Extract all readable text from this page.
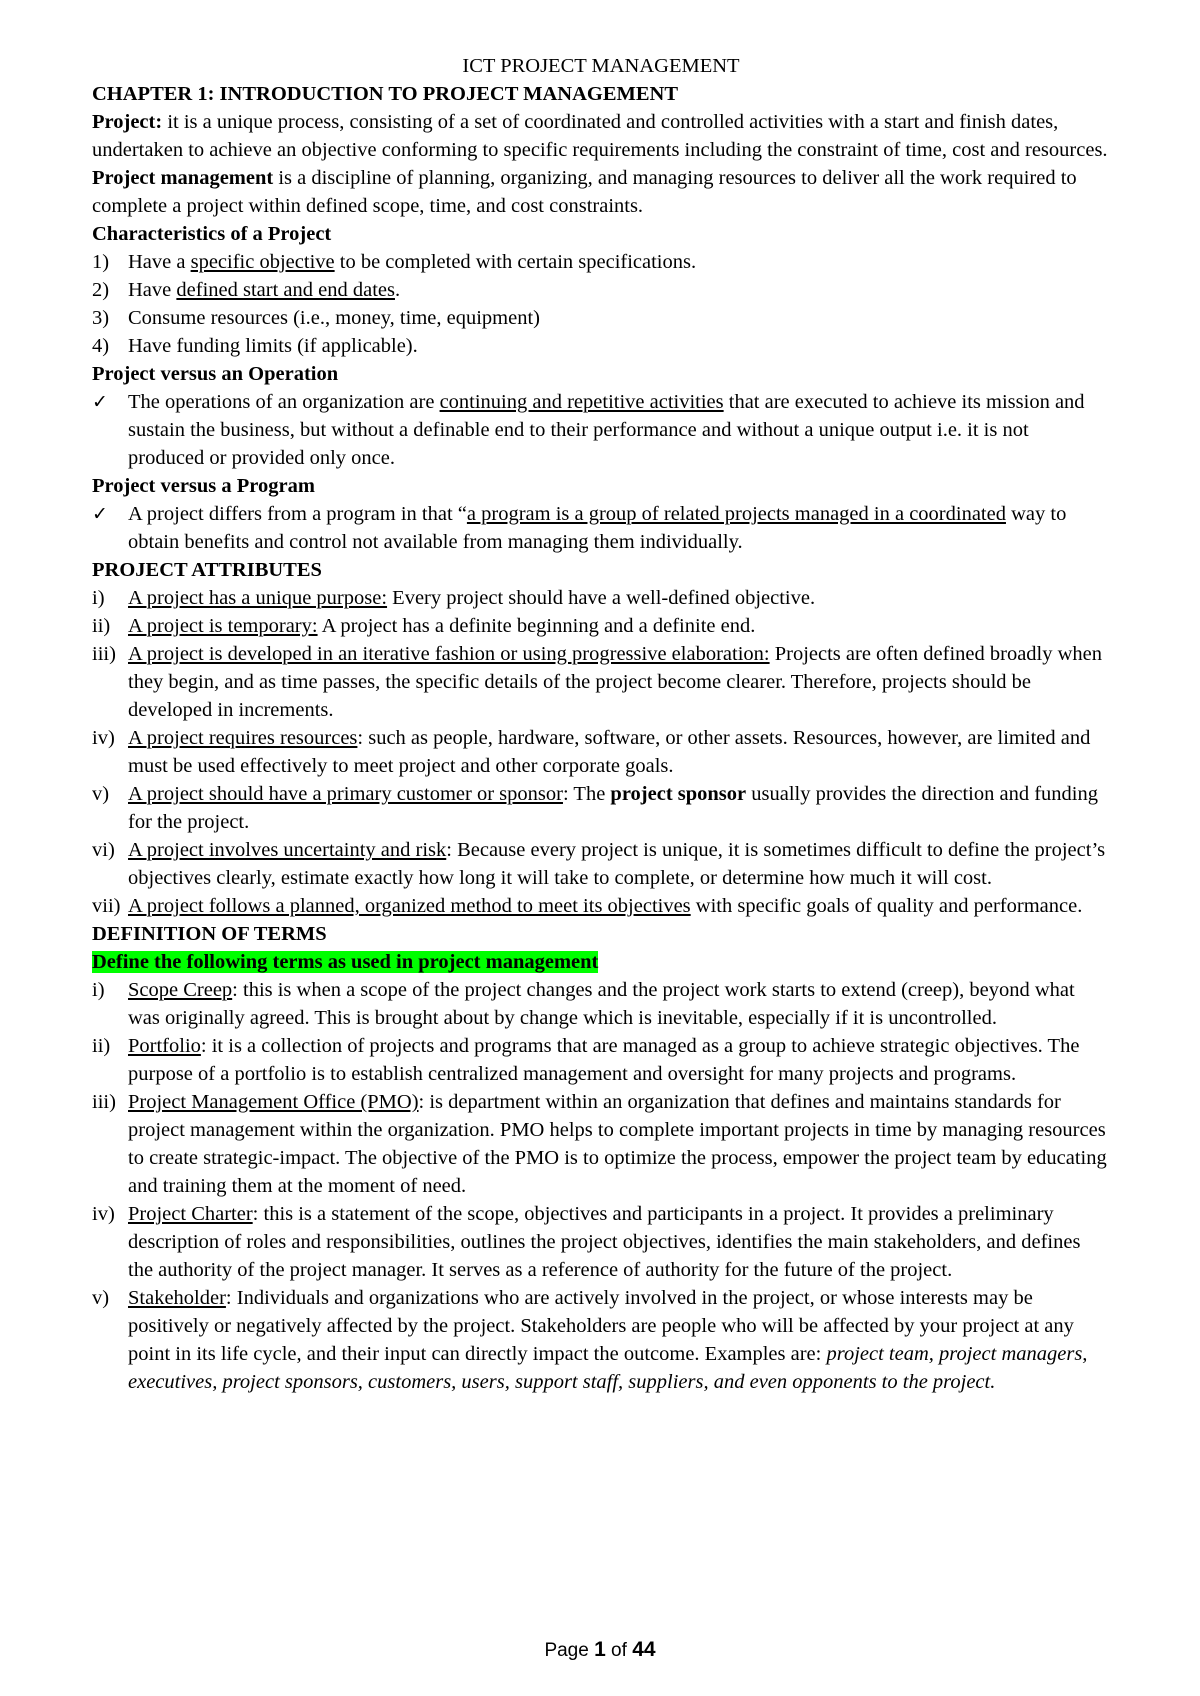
ICT PROJECT MANAGEMENT

CHAPTER 1: INTRODUCTION TO PROJECT MANAGEMENT

Project: it is a unique process, consisting of a set of coordinated and controlled activities with a start and finish dates, undertaken to achieve an objective conforming to specific requirements including the constraint of time, cost and resources.

Project management is a discipline of planning, organizing, and managing resources to deliver all the work required to complete a project within defined scope, time, and cost constraints.

Characteristics of a Project

1) Have a specific objective to be completed with certain specifications.
2) Have defined start and end dates.
3) Consume resources (i.e., money, time, equipment)
4) Have funding limits (if applicable).

Project versus an Operation

✓ The operations of an organization are continuing and repetitive activities that are executed to achieve its mission and sustain the business, but without a definable end to their performance and without a unique output i.e. it is not produced or provided only once.

Project versus a Program

✓ A project differs from a program in that “a program is a group of related projects managed in a coordinated way to obtain benefits and control not available from managing them individually.

PROJECT ATTRIBUTES

i)	A project has a unique purpose: Every project should have a well-defined objective.
ii) A project is temporary: A project has a definite beginning and a definite end.
iii) A project is developed in an iterative fashion or using progressive elaboration: Projects are often defined broadly when they begin, and as time passes, the specific details of the project become clearer. Therefore, projects should be developed in increments.
iv) A project requires resources: such as people, hardware, software, or other assets. Resources, however, are limited and must be used effectively to meet project and other corporate goals.
v) A project should have a primary customer or sponsor: The project sponsor usually provides the direction and funding for the project.
vi) A project involves uncertainty and risk: Because every project is unique, it is sometimes difficult to define the project’s objectives clearly, estimate exactly how long it will take to complete, or determine how much it will cost.
vii) A project follows a planned, organized method to meet its objectives with specific goals of quality and performance.

DEFINITION OF TERMS

Define the following terms as used in project management

i)	Scope Creep: this is when a scope of the project changes and the project work starts to extend (creep), beyond what was originally agreed. This is brought about by change which is inevitable, especially if it is uncontrolled.
ii) Portfolio: it is a collection of projects and programs that are managed as a group to achieve strategic objectives. The purpose of a portfolio is to establish centralized management and oversight for many projects and programs.
iii) Project Management Office (PMO): is department within an organization that defines and maintains standards for project management within the organization. PMO helps to complete important projects in time by managing resources to create strategic-impact. The objective of the PMO is to optimize the process, empower the project team by educating and training them at the moment of need.
iv) Project Charter: this is a statement of the scope, objectives and participants in a project. It provides a preliminary description of roles and responsibilities, outlines the project objectives, identifies the main stakeholders, and defines the authority of the project manager. It serves as a reference of authority for the future of the project.
v) Stakeholder: Individuals and organizations who are actively involved in the project, or whose interests may be positively or negatively affected by the project. Stakeholders are people who will be affected by your project at any point in its life cycle, and their input can directly impact the outcome. Examples are: project team, project managers, executives, project sponsors, customers, users, support staff, suppliers, and even opponents to the project.
Page 1 of 44
